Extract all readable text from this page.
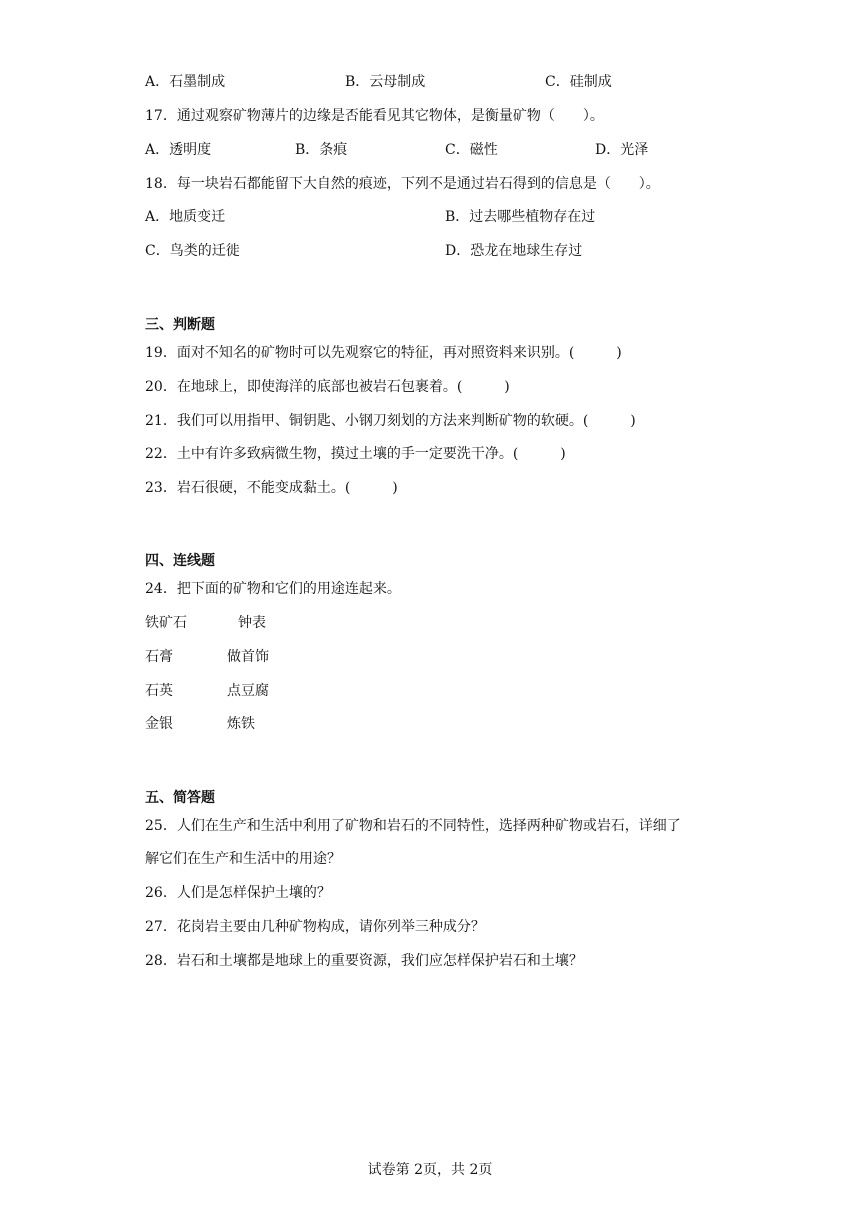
A．石墨制成	B．云母制成	C．硅制成
17．通过观察矿物薄片的边缘是否能看见其它物体，是衡量矿物（　　）。
A．透明度	B．条痕	C．磁性	D．光泽
18．每一块岩石都能留下大自然的痕迹，下列不是通过岩石得到的信息是（　　）。
A．地质变迁	B．过去哪些植物存在过
C．鸟类的迁徙	D．恐龙在地球生存过
三、判断题
19．面对不知名的矿物时可以先观察它的特征，再对照资料来识别。(　　　)
20．在地球上，即使海洋的底部也被岩石包裹着。(　　　)
21．我们可以用指甲、铜钥匙、小钢刀刻划的方法来判断矿物的软硬。(　　　)
22．土中有许多致病微生物，摸过土壤的手一定要洗干净。(　　　)
23．岩石很硬，不能变成黏土。(　　　)
四、连线题
24．把下面的矿物和它们的用途连起来。
铁矿石	钟表
石膏	做首饰
石英	点豆腐
金银	炼铁
五、简答题
25．人们在生产和生活中利用了矿物和岩石的不同特性，选择两种矿物或岩石，详细了
解它们在生产和生活中的用途？
26．人们是怎样保护土壤的？
27．花岗岩主要由几种矿物构成，请你列举三种成分？
28．岩石和土壤都是地球上的重要资源，我们应怎样保护岩石和土壤？
试卷第 2页，共 2页
